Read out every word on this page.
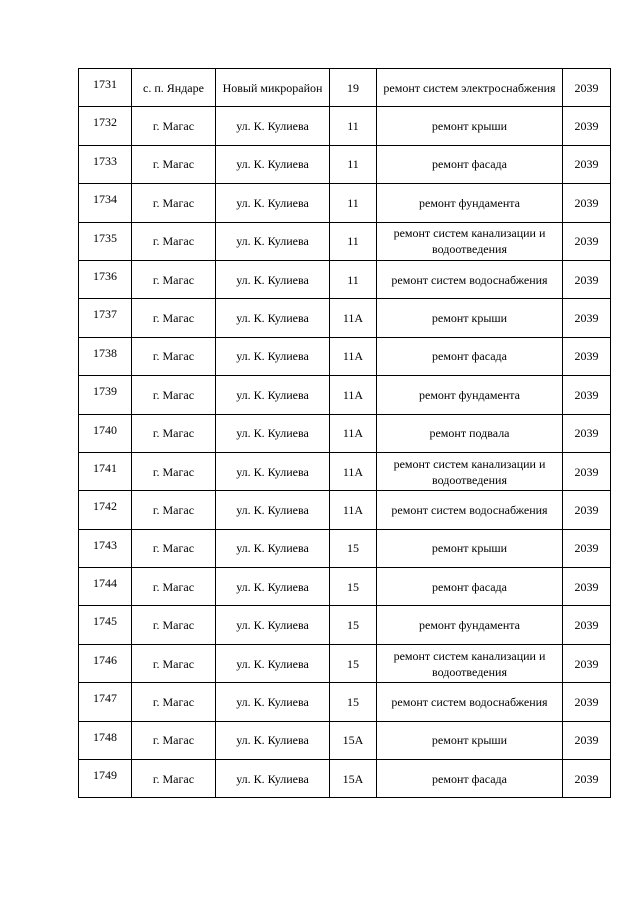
1731	с. п. Яндаре	Новый микрорайон	19	ремонт систем электроснабжения	2039
1732	г. Магас	ул. К. Кулиева	11	ремонт крыши	2039
1733	г. Магас	ул. К. Кулиева	11	ремонт фасада	2039
1734	г. Магас	ул. К. Кулиева	11	ремонт фундамента	2039
1735	г. Магас	ул. К. Кулиева	11	ремонт систем канализации и водоотведения	2039
1736	г. Магас	ул. К. Кулиева	11	ремонт систем водоснабжения	2039
1737	г. Магас	ул. К. Кулиева	11А	ремонт крыши	2039
1738	г. Магас	ул. К. Кулиева	11А	ремонт фасада	2039
1739	г. Магас	ул. К. Кулиева	11А	ремонт фундамента	2039
1740	г. Магас	ул. К. Кулиева	11А	ремонт подвала	2039
1741	г. Магас	ул. К. Кулиева	11А	ремонт систем канализации и водоотведения	2039
1742	г. Магас	ул. К. Кулиева	11А	ремонт систем водоснабжения	2039
1743	г. Магас	ул. К. Кулиева	15	ремонт крыши	2039
1744	г. Магас	ул. К. Кулиева	15	ремонт фасада	2039
1745	г. Магас	ул. К. Кулиева	15	ремонт фундамента	2039
1746	г. Магас	ул. К. Кулиева	15	ремонт систем канализации и водоотведения	2039
1747	г. Магас	ул. К. Кулиева	15	ремонт систем водоснабжения	2039
1748	г. Магас	ул. К. Кулиева	15А	ремонт крыши	2039
1749	г. Магас	ул. К. Кулиева	15А	ремонт фасада	2039
